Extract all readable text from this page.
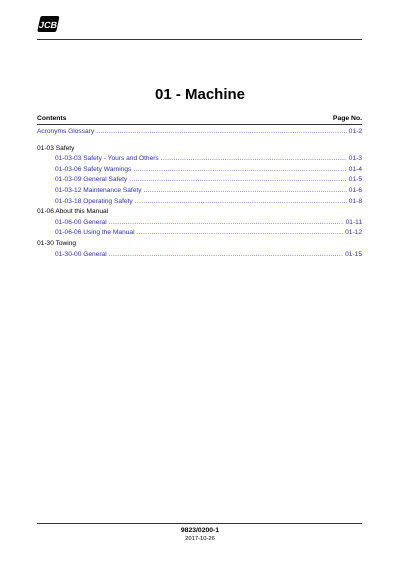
JCB
01 - Machine
Contents	Page No.
Acronyms Glossary .....	01-2
01-03 Safety
01-03-03 Safety - Yours and Others .....	01-3
01-03-06 Safety Warnings .....	01-4
01-03-09 General Safety .....	01-5
01-03-12 Maintenance Safety .....	01-6
01-03-18 Operating Safety .....	01-8
01-06 About this Manual
01-06-00 General .....	01-11
01-06-06 Using the Manual .....	01-12
01-30 Towing
01-30-00 General .....	01-15
9823/0200-1
2017-10-26
